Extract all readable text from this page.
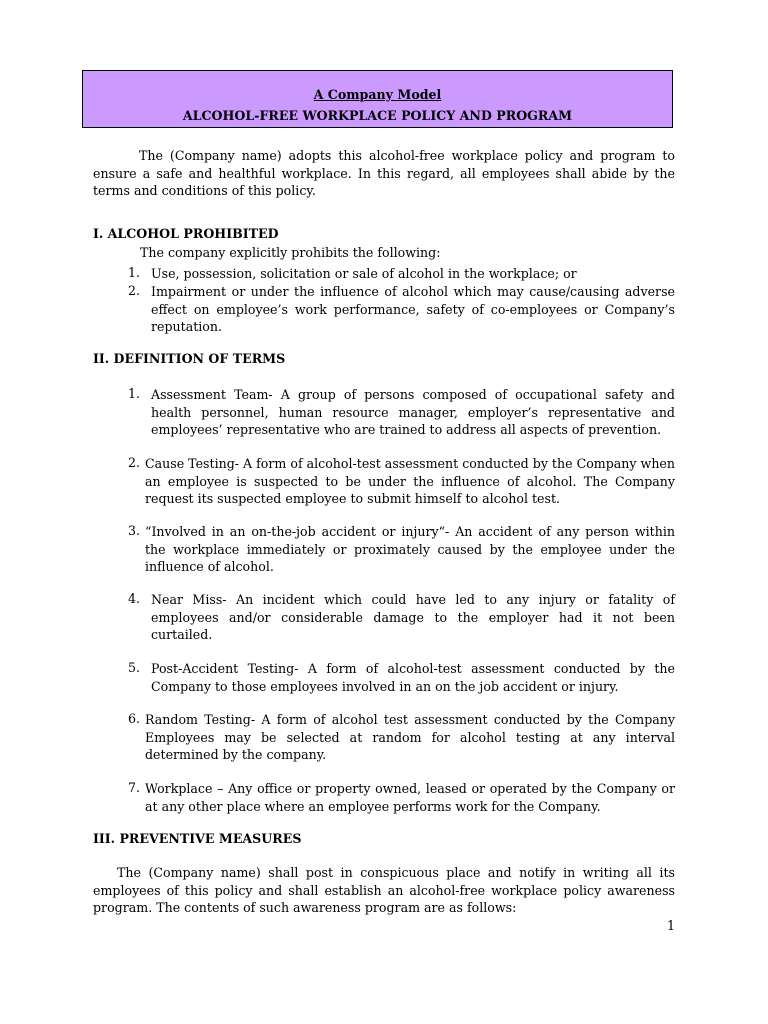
A Company Model
ALCOHOL-FREE WORKPLACE POLICY AND PROGRAM
The (Company name) adopts this alcohol-free workplace policy and program to ensure a safe and healthful workplace. In this regard, all employees shall abide by the terms and conditions of this policy.
I. ALCOHOL PROHIBITED
The company explicitly prohibits the following:
1. Use, possession, solicitation or sale of alcohol in the workplace; or
2. Impairment or under the influence of alcohol which may cause/causing adverse effect on employee’s work performance, safety of co-employees or Company’s reputation.
II. DEFINITION OF TERMS
1. Assessment Team- A group of persons composed of occupational safety and health personnel, human resource manager, employer’s representative and employees’ representative who are trained to address all aspects of prevention.
2. Cause Testing- A form of alcohol-test assessment conducted by the Company when an employee is suspected to be under the influence of alcohol. The Company request its suspected employee to submit himself to alcohol test.
3. “Involved in an on-the-job accident or injury“- An accident of any person within the workplace immediately or proximately caused by the employee under the influence of alcohol.
4. Near Miss- An incident which could have led to any injury or fatality of employees and/or considerable damage to the employer had it not been curtailed.
5. Post-Accident Testing- A form of alcohol-test assessment conducted by the Company to those employees involved in an on the job accident or injury.
6. Random Testing- A form of alcohol test assessment conducted by the Company Employees may be selected at random for alcohol testing at any interval determined by the company.
7. Workplace – Any office or property owned, leased or operated by the Company or at any other place where an employee performs work for the Company.
III. PREVENTIVE MEASURES
The (Company name) shall post in conspicuous place and notify in writing all its employees of this policy and shall establish an alcohol-free workplace policy awareness program. The contents of such awareness program are as follows:
1
